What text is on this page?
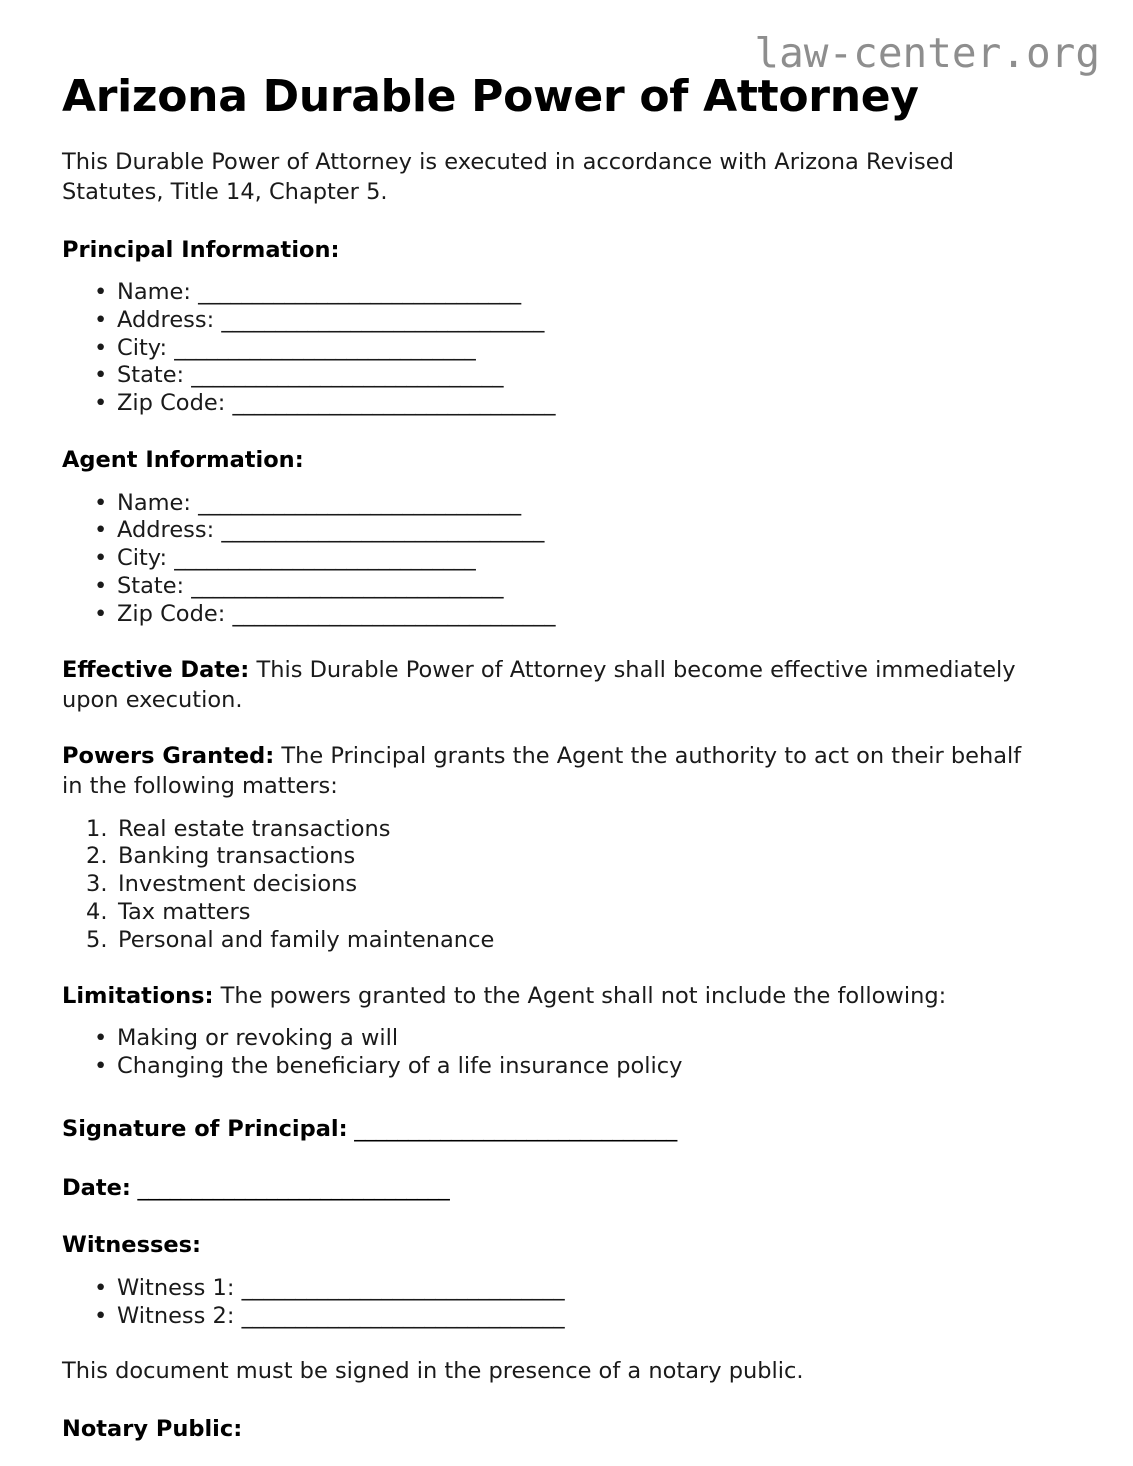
law-center.org
Arizona Durable Power of Attorney

This Durable Power of Attorney is executed in accordance with Arizona Revised Statutes, Title 14, Chapter 5.

Principal Information:
• Name: ______________________________
• Address: ______________________________
• City: ____________________________
• State: _____________________________
• Zip Code: ______________________________
Agent Information:
• Name: ______________________________
• Address: ______________________________
• City: ____________________________
• State: _____________________________
• Zip Code: ______________________________

Effective Date: This Durable Power of Attorney shall become effective immediately upon execution.

Powers Granted: The Principal grants the Agent the authority to act on their behalf in the following matters:

Real estate transactions
Banking transactions
Investment decisions
Tax matters
Personal and family maintenance

Limitations: The powers granted to the Agent shall not include the following:

• Making or revoking a will
• Changing the beneficiary of a life insurance policy

Signature of Principal: ______________________________

Date: _____________________________

Witnesses:
• Witness 1: ______________________________
• Witness 2: ______________________________

This document must be signed in the presence of a notary public.

Notary Public:
